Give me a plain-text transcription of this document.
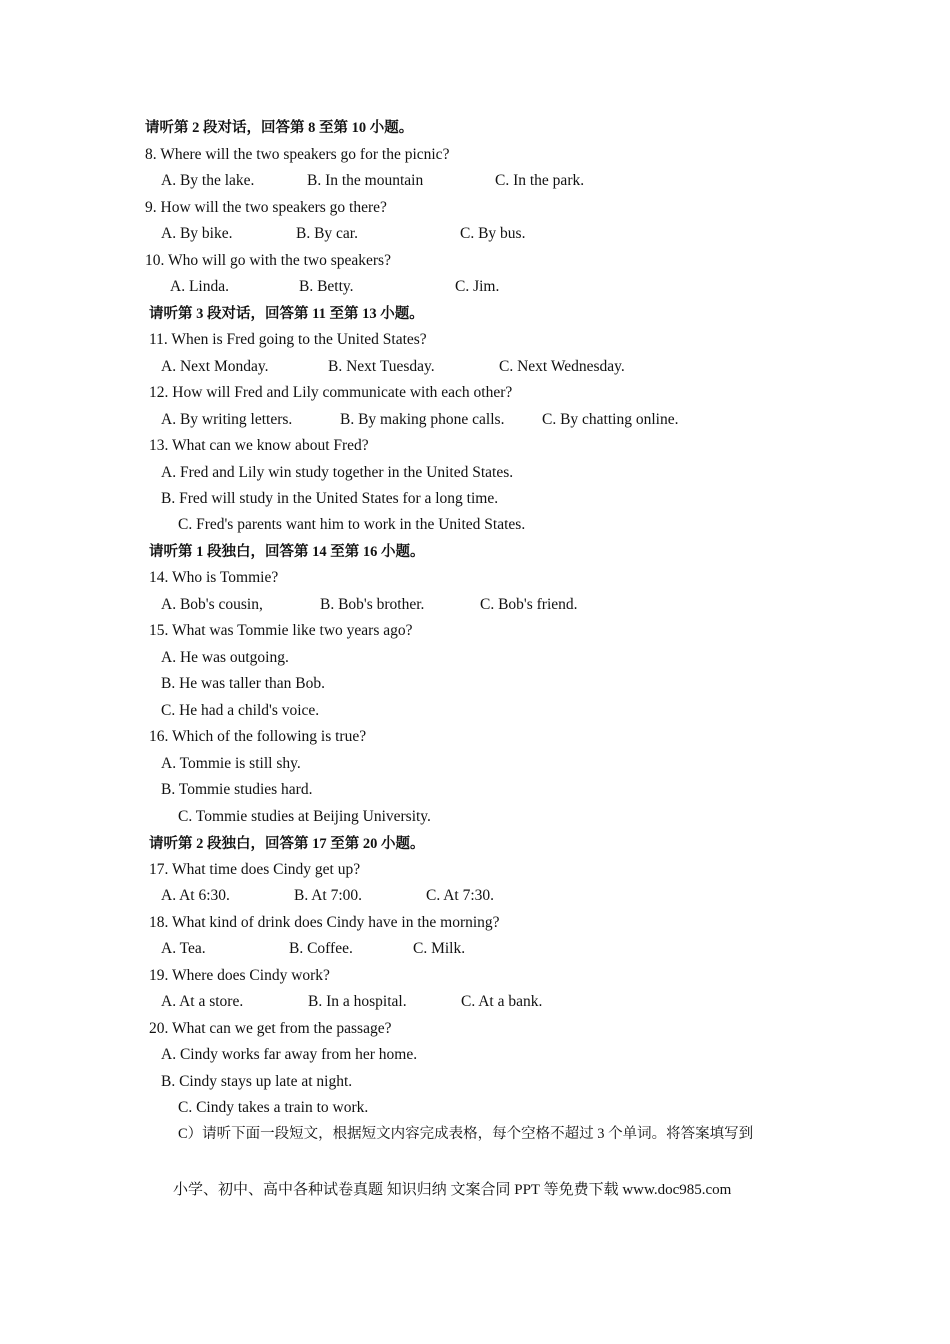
请听第 2 段对话，回答第 8 至第 10 小题。
8. Where will the two speakers go for the picnic?
A. By the lake.	B. In the mountain	C. In the park.
9. How will the two speakers go there?
A. By bike.	B. By car.	C. By bus.
10. Who will go with the two speakers?
A. Linda.	B. Betty.	C. Jim.
请听第 3 段对话，回答第 11 至第 13 小题。
11. When is Fred going to the United States?
A. Next Monday.	B. Next Tuesday.	C. Next Wednesday.
12. How will Fred and Lily communicate with each other?
A. By writing letters.	B. By making phone calls. C. By chatting online.
13. What can we know about Fred?
A. Fred and Lily win study together in the United States.
B. Fred will study in the United States for a long time.
C. Fred's parents want him to work in the United States.
请听第 1 段独白，回答第 14 至第 16 小题。
14. Who is Tommie?
A. Bob's cousin,	B. Bob's brother.	C. Bob's friend.
15. What was Tommie like two years ago?
A. He was outgoing.
B. He was taller than Bob.
C. He had a child's voice.
16. Which of the following is true?
A. Tommie is still shy.
B. Tommie studies hard.
C. Tommie studies at Beijing University.
请听第 2 段独白，回答第 17 至第 20 小题。
17. What time does Cindy get up?
A. At 6:30.	B. At 7:00.	C. At 7:30.
18. What kind of drink does Cindy have in the morning?
A. Tea.	B. Coffee.	C. Milk.
19. Where does Cindy work?
A. At a store.	B. In a hospital.	C. At a bank.
20. What can we get from the passage?
A. Cindy works far away from her home.
B. Cindy stays up late at night.
C. Cindy takes a train to work.
C）请听下面一段短文，根据短文内容完成表格，每个空格不超过 3 个单词。将答案填写到
小学、初中、高中各种试卷真题 知识归纳 文案合同 PPT 等免费下载 www.doc985.com
